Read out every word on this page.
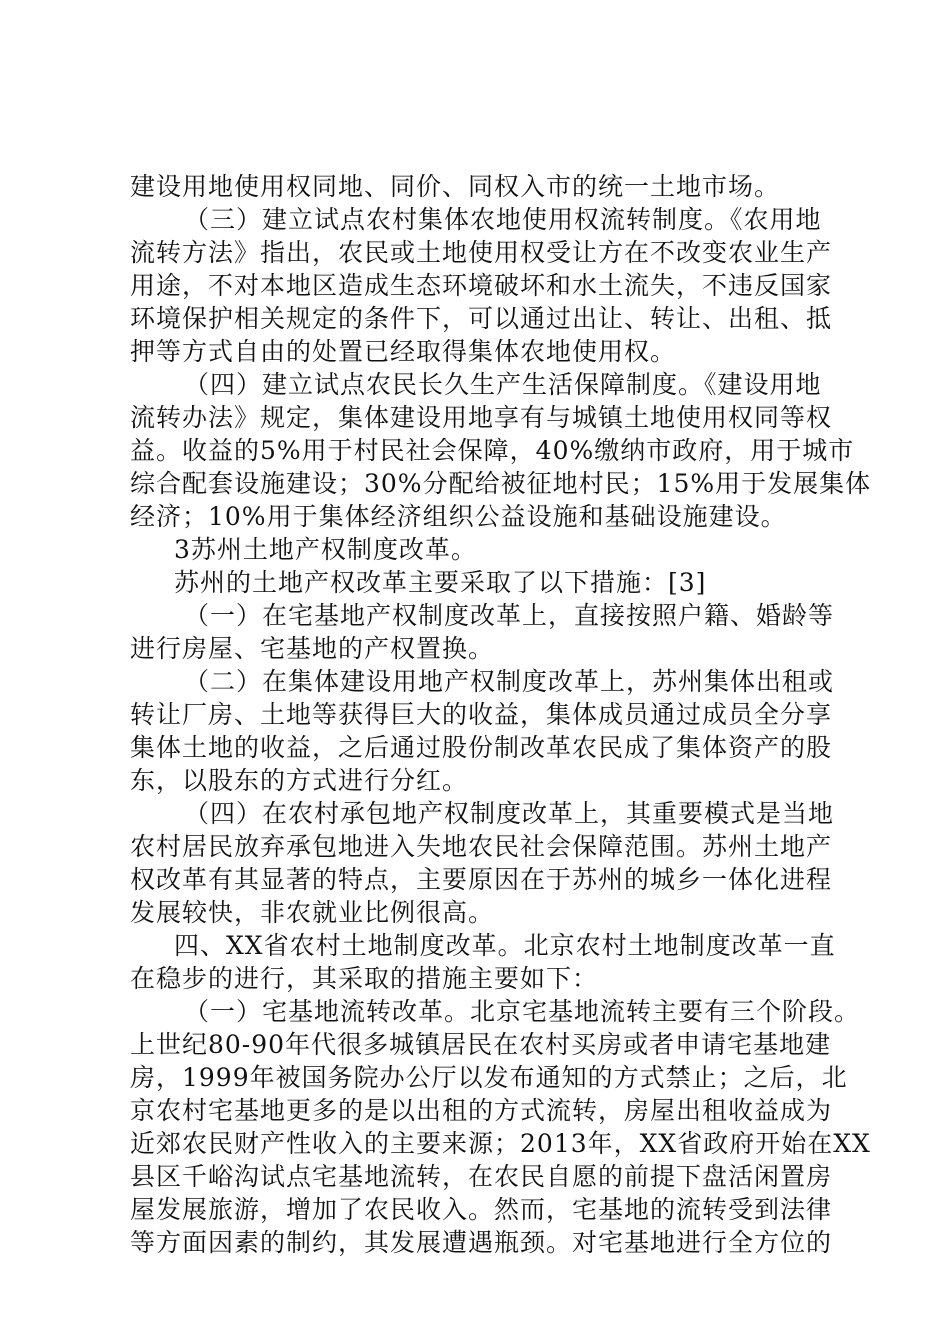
建设用地使用权同地、同价、同权入市的统一土地市场。
（三）建立试点农村集体农地使用权流转制度。《农用地
流转方法》指出，农民或土地使用权受让方在不改变农业生产
用途，不对本地区造成生态环境破坏和水土流失，不违反国家
环境保护相关规定的条件下，可以通过出让、转让、出租、抵
押等方式自由的处置已经取得集体农地使用权。
（四）建立试点农民长久生产生活保障制度。《建设用地
流转办法》规定，集体建设用地享有与城镇土地使用权同等权
益。收益的5%用于村民社会保障，40%缴纳市政府，用于城市
综合配套设施建设；30%分配给被征地村民；15%用于发展集体
经济；10%用于集体经济组织公益设施和基础设施建设。
3苏州土地产权制度改革。
苏州的土地产权改革主要采取了以下措施：[3]
（一）在宅基地产权制度改革上，直接按照户籍、婚龄等
进行房屋、宅基地的产权置换。
（二）在集体建设用地产权制度改革上，苏州集体出租或
转让厂房、土地等获得巨大的收益，集体成员通过成员全分享
集体土地的收益，之后通过股份制改革农民成了集体资产的股
东，以股东的方式进行分红。
（四）在农村承包地产权制度改革上，其重要模式是当地
农村居民放弃承包地进入失地农民社会保障范围。苏州土地产
权改革有其显著的特点，主要原因在于苏州的城乡一体化进程
发展较快，非农就业比例很高。
四、XX省农村土地制度改革。北京农村土地制度改革一直
在稳步的进行，其采取的措施主要如下：
（一）宅基地流转改革。北京宅基地流转主要有三个阶段。
上世纪80-90年代很多城镇居民在农村买房或者申请宅基地建
房，1999年被国务院办公厅以发布通知的方式禁止；之后，北
京农村宅基地更多的是以出租的方式流转，房屋出租收益成为
近郊农民财产性收入的主要来源；2013年，XX省政府开始在XX
县区千峪沟试点宅基地流转，在农民自愿的前提下盘活闲置房
屋发展旅游，增加了农民收入。然而，宅基地的流转受到法律
等方面因素的制约，其发展遭遇瓶颈。对宅基地进行全方位的
